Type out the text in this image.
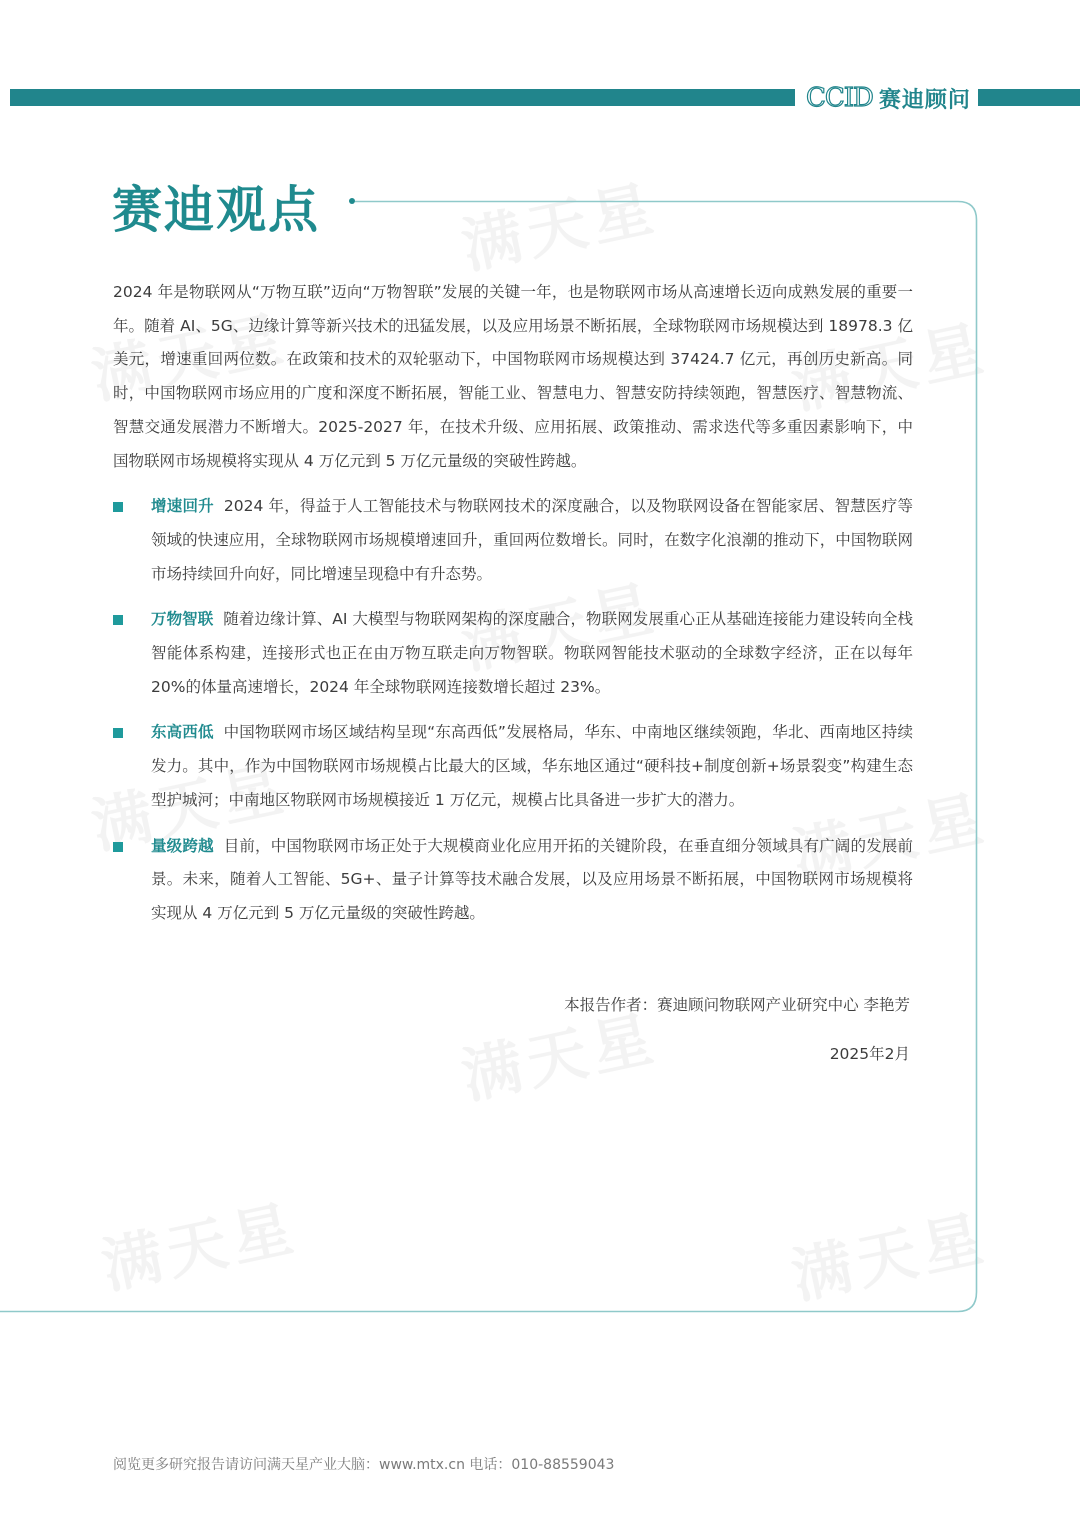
CCID 赛迪顾问
赛迪观点

2024 年是物联网从“万物互联”迈向“万物智联”发展的关键一年，也是物联网市场从高速增长迈向成熟发展的重要一年。随着 AI、5G、边缘计算等新兴技术的迅猛发展，以及应用场景不断拓展，全球物联网市场规模达到 18978.3 亿美元，增速重回两位数。在政策和技术的双轮驱动下，中国物联网市场规模达到 37424.7 亿元，再创历史新高。同时，中国物联网市场应用的广度和深度不断拓展，智能工业、智慧电力、智慧安防持续领跑，智慧医疗、智慧物流、智慧交通发展潜力不断增大。2025-2027 年，在技术升级、应用拓展、政策推动、需求迭代等多重因素影响下，中国物联网市场规模将实现从 4 万亿元到 5 万亿元量级的突破性跨越。

增速回升 2024 年，得益于人工智能技术与物联网技术的深度融合，以及物联网设备在智能家居、智慧医疗等领域的快速应用，全球物联网市场规模增速回升，重回两位数增长。同时，在数字化浪潮的推动下，中国物联网市场持续回升向好，同比增速呈现稳中有升态势。
万物智联 随着边缘计算、AI 大模型与物联网架构的深度融合，物联网发展重心正从基础连接能力建设转向全栈智能体系构建，连接形式也正在由万物互联走向万物智联。物联网智能技术驱动的全球数字经济，正在以每年 20%的体量高速增长，2024 年全球物联网连接数增长超过 23%。
东高西低 中国物联网市场区域结构呈现“东高西低”发展格局，华东、中南地区继续领跑，华北、西南地区持续发力。其中，作为中国物联网市场规模占比最大的区域，华东地区通过“硬科技+制度创新+场景裂变”构建生态型护城河；中南地区物联网市场规模接近 1 万亿元，规模占比具备进一步扩大的潜力。
量级跨越 目前，中国物联网市场正处于大规模商业化应用开拓的关键阶段，在垂直细分领域具有广阔的发展前景。未来，随着人工智能、5G+、量子计算等技术融合发展，以及应用场景不断拓展，中国物联网市场规模将实现从 4 万亿元到 5 万亿元量级的突破性跨越。
本报告作者：赛迪顾问物联网产业研究中心 李艳芳
2025年2月
阅览更多研究报告请访问满天星产业大脑：www.mtx.cn 电话：010-88559043
